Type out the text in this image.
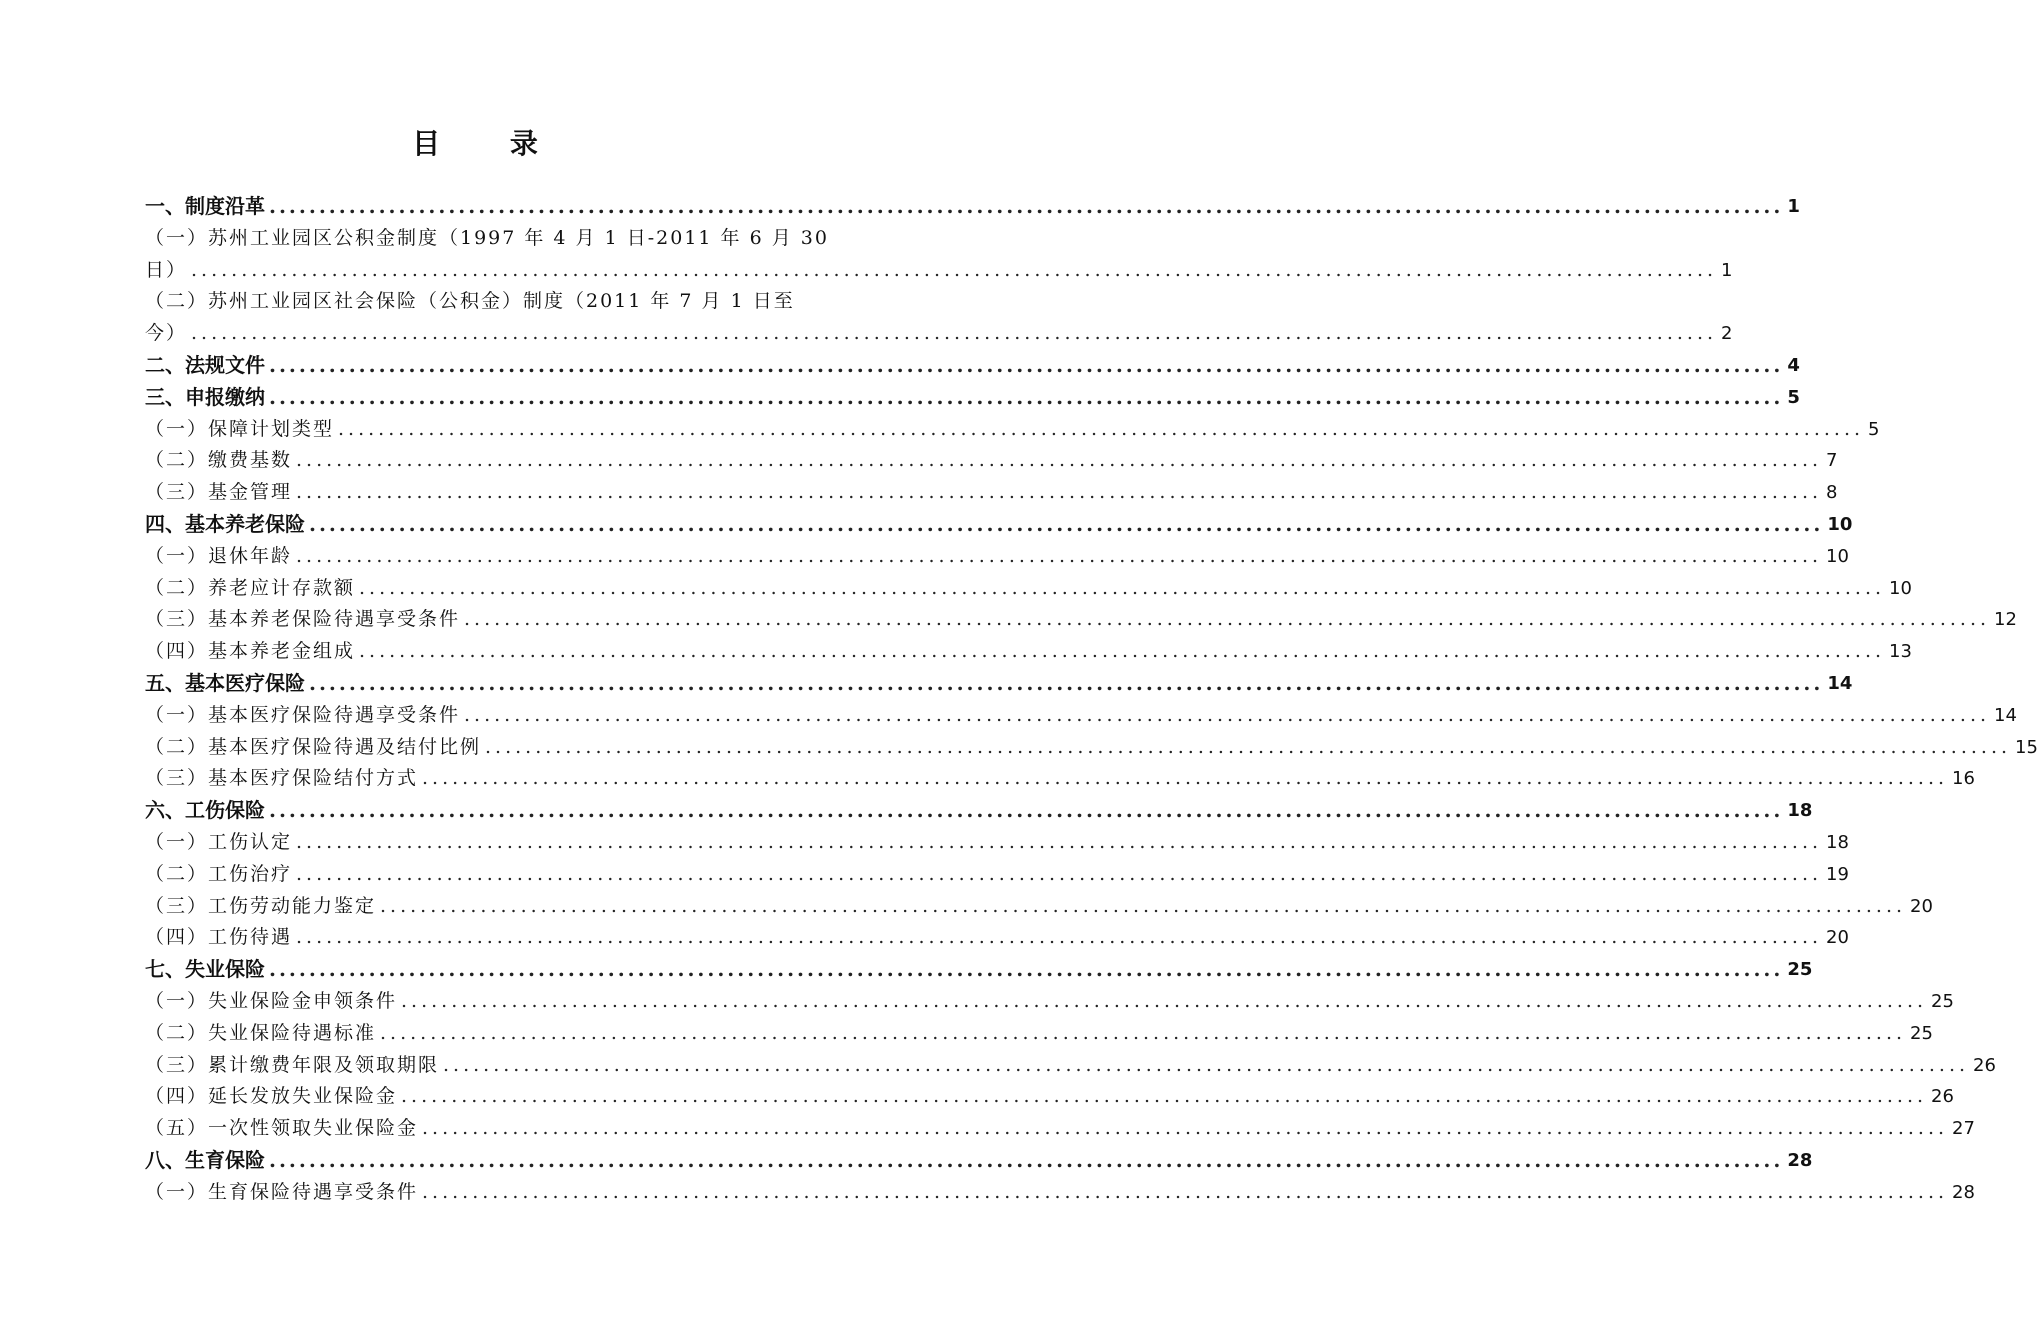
目 录
一、制度沿革 ........................................................................................................................................................ 1
（一）苏州工业园区公积金制度（1997 年 4 月 1 日-2011 年 6 月 30
日） ........................................................................................................................................................ 1
（二）苏州工业园区社会保险（公积金）制度（2011 年 7 月 1 日至
今） ........................................................................................................................................................ 2
二、法规文件 ........................................................................................................................................................ 4
三、申报缴纳 ........................................................................................................................................................ 5
（一）保障计划类型 ........................................................................................................................................................ 5
（二）缴费基数 ........................................................................................................................................................ 7
（三）基金管理 ........................................................................................................................................................ 8
四、基本养老保险 ........................................................................................................................................................ 10
（一）退休年龄 ........................................................................................................................................................ 10
（二）养老应计存款额 ........................................................................................................................................................ 10
（三）基本养老保险待遇享受条件 ........................................................................................................................................................ 12
（四）基本养老金组成 ........................................................................................................................................................ 13
五、基本医疗保险 ........................................................................................................................................................ 14
（一）基本医疗保险待遇享受条件 ........................................................................................................................................................ 14
（二）基本医疗保险待遇及结付比例 ........................................................................................................................................................ 15
（三）基本医疗保险结付方式 ........................................................................................................................................................ 16
六、工伤保险 ........................................................................................................................................................ 18
（一）工伤认定 ........................................................................................................................................................ 18
（二）工伤治疗 ........................................................................................................................................................ 19
（三）工伤劳动能力鉴定 ........................................................................................................................................................ 20
（四）工伤待遇 ........................................................................................................................................................ 20
七、失业保险 ........................................................................................................................................................ 25
（一）失业保险金申领条件 ........................................................................................................................................................ 25
（二）失业保险待遇标准 ........................................................................................................................................................ 25
（三）累计缴费年限及领取期限 ........................................................................................................................................................ 26
（四）延长发放失业保险金 ........................................................................................................................................................ 26
（五）一次性领取失业保险金 ........................................................................................................................................................ 27
八、生育保险 ........................................................................................................................................................ 28
（一）生育保险待遇享受条件 ........................................................................................................................................................ 28
